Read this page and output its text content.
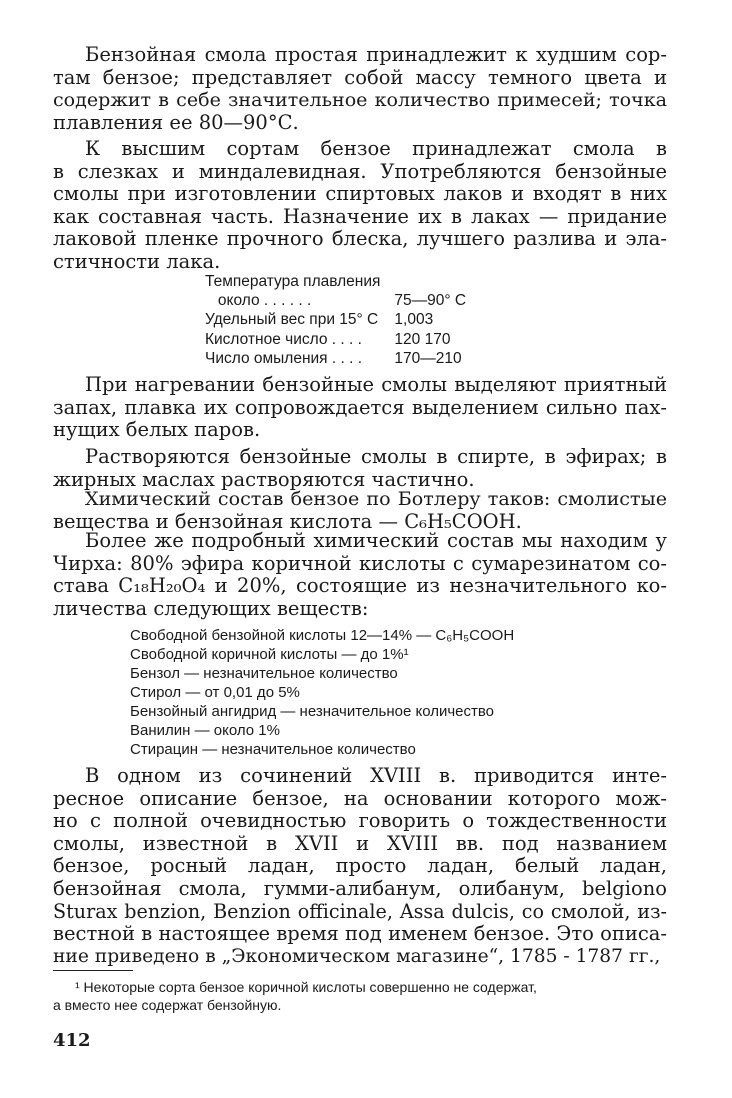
Бензойная смола простая принадлежит к худшим сор-
там бензое; представляет собой массу темного цвета и
содержит в себе значительное количество примесей; точка
плавления ее 80—90°С.

К высшим сортам бензое принадлежат смола в
в слезках и миндалевидная. Употребляются бензойные
смолы при изготовлении спиртовых лаков и входят в них
как составная часть. Назначение их в лаках — придание
лаковой пленке прочного блеска, лучшего разлива и эла-
стичности лака.

Температура плавления	
около . . . . . .	75—90° С
Удельный вес при 15° С	1,003
Кислотное число . . . .	120 170
Число омыления . . . .	170—210

При нагревании бензойные смолы выделяют приятный
запах, плавка их сопровождается выделением сильно пах-
нущих белых паров.

Растворяются бензойные смолы в спирте, в эфирах; в
жирных маслах растворяются частично.

Химический состав бензое по Ботлеру таков: смолистые
вещества и бензойная кислота — C₆H₅COOH.

Более же подробный химический состав мы находим у
Чирха: 80% эфира коричной кислоты с сумарезинатом со-
става C₁₈H₂₀O₄ и 20%, состоящие из незначительного ко-
личества следующих веществ:

Свободной бензойной кислоты 12—14% — C₆H₅COOH
Свободной коричной кислоты — до 1%¹
Бензол — незначительное количество
Стирол — от 0,01 до 5%
Бензойный ангидрид — незначительное количество
Ванилин — около 1%
Стирацин — незначительное количество

В одном из сочинений XVIII в. приводится инте-
ресное описание бензое, на основании которого мож-
но с полной очевидностью говорить о тождественности
смолы, известной в XVII и XVIII вв. под названием
бензое, росный ладан, просто ладан, белый ладан,
бензойная смола, гумми-алибанум, олибанум, belgiono
Sturax benzion, Benzion officinale, Assa dulcis, со смолой, из-
вестной в настоящее время под именем бензое. Это описа-
ние приведено в „Экономическом магазине“, 1785 - 1787 гг.,

¹ Некоторые сорта бензое коричной кислоты совершенно не содержат,
а вместо нее содержат бензойную.

412
